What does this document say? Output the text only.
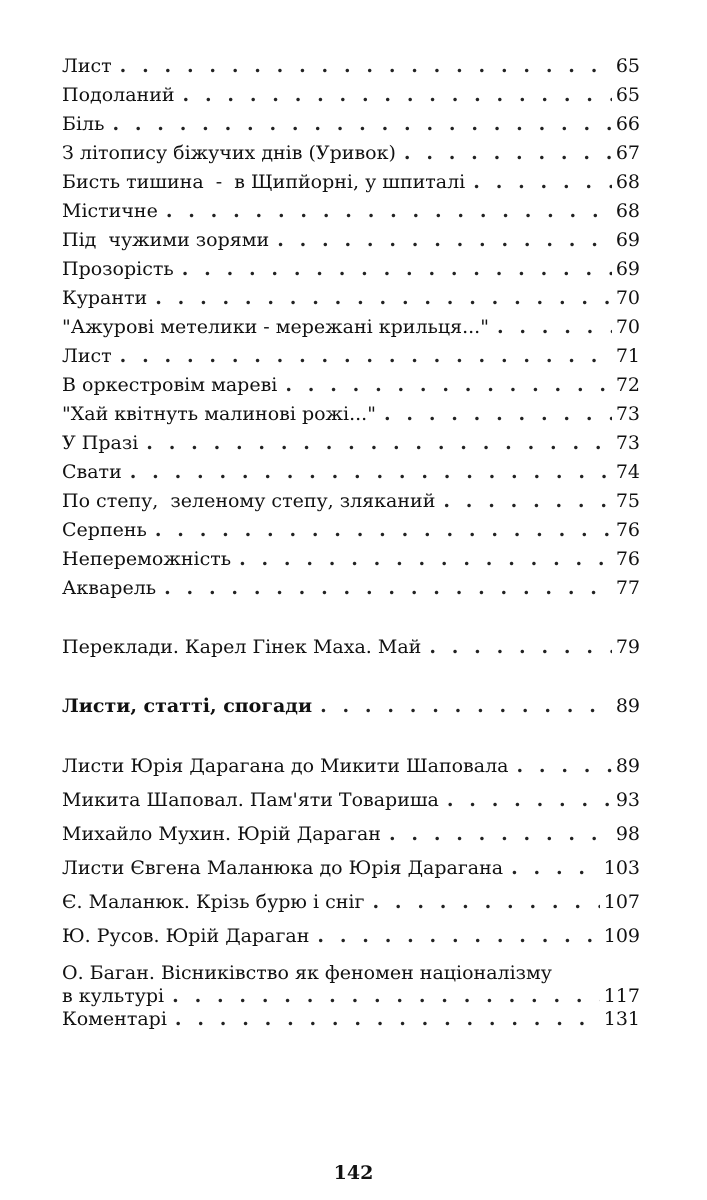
Лист . . .	65
Подоланий . . .	65
Біль . . .	66
З літопису біжучих днів (Уривок) . . .	67
Бисть тишина  -  в Щипйорні, у шпиталі . . .	68
Містичне . . .	68
Під  чужими зорями . . .	69
Прозорість . . .	69
Куранти . . .	70
"Ажурові метелики - мережані крильця..." . . .	70
Лист . . .	71
В оркестровім мареві . . .	72
"Хай квітнуть малинові рожі..." . . .	73
У Празі . . .	73
Свати . . .	74
По степу,  зеленому степу, зляканий . . .	75
Серпень . . .	76
Непереможність . . .	76
Акварель . . .	77
Переклади. Карел Гінек Маха. Май . . .	79
Листи, статті, спогади . . .	89
Листи Юрія Дарагана до Микити Шаповала . . .	89
Микита Шаповал. Пам'яти Товариша . . .	93
Михайло Мухин. Юрій Дараган . . .	98
Листи Євгена Маланюка до Юрія Дарагана . . .	103
Є. Маланюк. Крізь бурю і сніг . . .	107
Ю. Русов. Юрій Дараган . . .	109
О. Баган. Вісниківство як феномен націоналізму
в культурі . . .	117
Коментарі . . .	131
142
